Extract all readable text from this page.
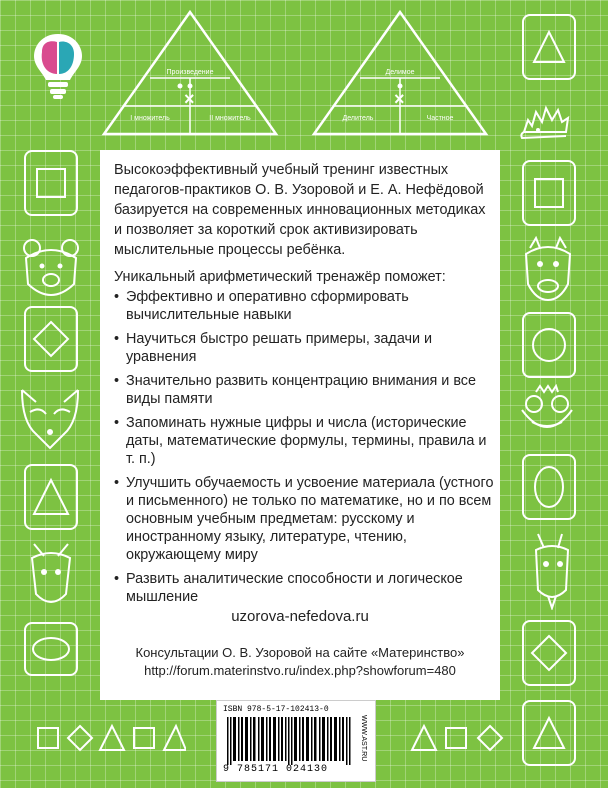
×
Произведение
I множитель	II множитель
×
Делимое
Делитель	Частное
Высокоэффективный учебный тренинг известных педагогов-практиков О. В. Узоровой и Е. А. Нефёдовой базируется на современных инновационных методиках и позволяет за короткий срок активизировать мыслительные процессы ребёнка.
Уникальный арифметический тренажёр поможет:
• Эффективно и оперативно сформировать вычислительные навыки
• Научиться быстро решать примеры, задачи и уравнения
• Значительно развить концентрацию внимания и все виды памяти
• Запоминать нужные цифры и числа (исторические даты, математические формулы, термины, правила и т. п.)
• Улучшить обучаемость и усвоение материала (устного и письменного) не только по математике, но и по всем основным учебным предметам: русскому и иностранному языку, литературе, чтению, окружающему миру
• Развить аналитические способности и логическое мышление
uzorova-nefedova.ru
Консультации О. В. Узоровой на сайте «Материнство»
http://forum.materinstvo.ru/index.php?showforum=480
ISBN 978-5-17-102413-0
WWW.AST.RU
9 785171 024130
